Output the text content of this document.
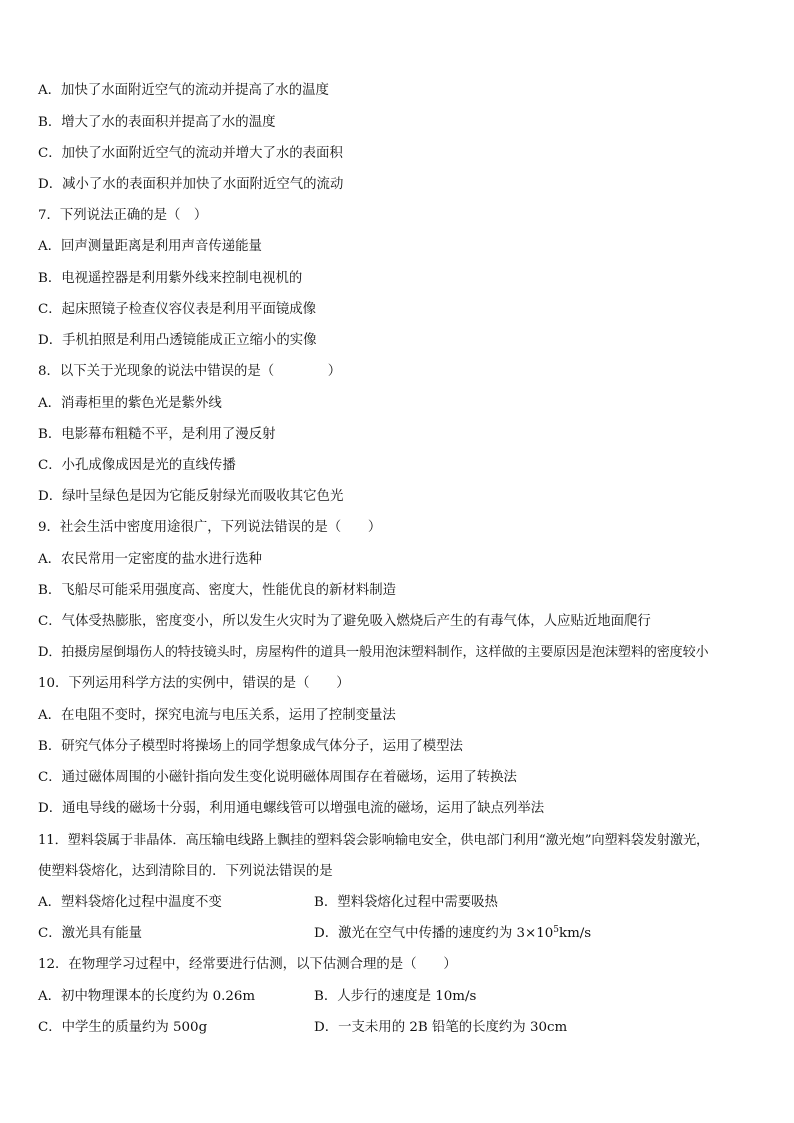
A．加快了水面附近空气的流动并提高了水的温度
B．增大了水的表面积并提高了水的温度
C．加快了水面附近空气的流动并增大了水的表面积
D．减小了水的表面积并加快了水面附近空气的流动
7．下列说法正确的是（　）
A．回声测量距离是利用声音传递能量
B．电视遥控器是利用紫外线来控制电视机的
C．起床照镜子检查仪容仪表是利用平面镜成像
D．手机拍照是利用凸透镜能成正立缩小的实像
8．以下关于光现象的说法中错误的是（　　　　）
A．消毒柜里的紫色光是紫外线
B．电影幕布粗糙不平，是利用了漫反射
C．小孔成像成因是光的直线传播
D．绿叶呈绿色是因为它能反射绿光而吸收其它色光
9．社会生活中密度用途很广，下列说法错误的是（　　）
A．农民常用一定密度的盐水进行选种
B．飞船尽可能采用强度高、密度大，性能优良的新材料制造
C．气体受热膨胀，密度变小，所以发生火灾时为了避免吸入燃烧后产生的有毒气体，人应贴近地面爬行
D．拍摄房屋倒塌伤人的特技镜头时，房屋构件的道具一般用泡沫塑料制作，这样做的主要原因是泡沫塑料的密度较小
10．下列运用科学方法的实例中，错误的是（　　）
A．在电阻不变时，探究电流与电压关系，运用了控制变量法
B．研究气体分子模型时将操场上的同学想象成气体分子，运用了模型法
C．通过磁体周围的小磁针指向发生变化说明磁体周围存在着磁场，运用了转换法
D．通电导线的磁场十分弱，利用通电螺线管可以增强电流的磁场，运用了缺点列举法
11．塑料袋属于非晶体．高压输电线路上飘挂的塑料袋会影响输电安全，供电部门利用“激光炮”向塑料袋发射激光，
使塑料袋熔化，达到清除目的．下列说法错误的是
A．塑料袋熔化过程中温度不变	B．塑料袋熔化过程中需要吸热
C．激光具有能量	D．激光在空气中传播的速度约为 $3\times 10^5km/s$
12．在物理学习过程中，经常要进行估测，以下估测合理的是（　　）
A．初中物理课本的长度约为 0.26m	B．人步行的速度是 10m/s
C．中学生的质量约为 500g	D．一支未用的 2B 铅笔的长度约为 30cm
